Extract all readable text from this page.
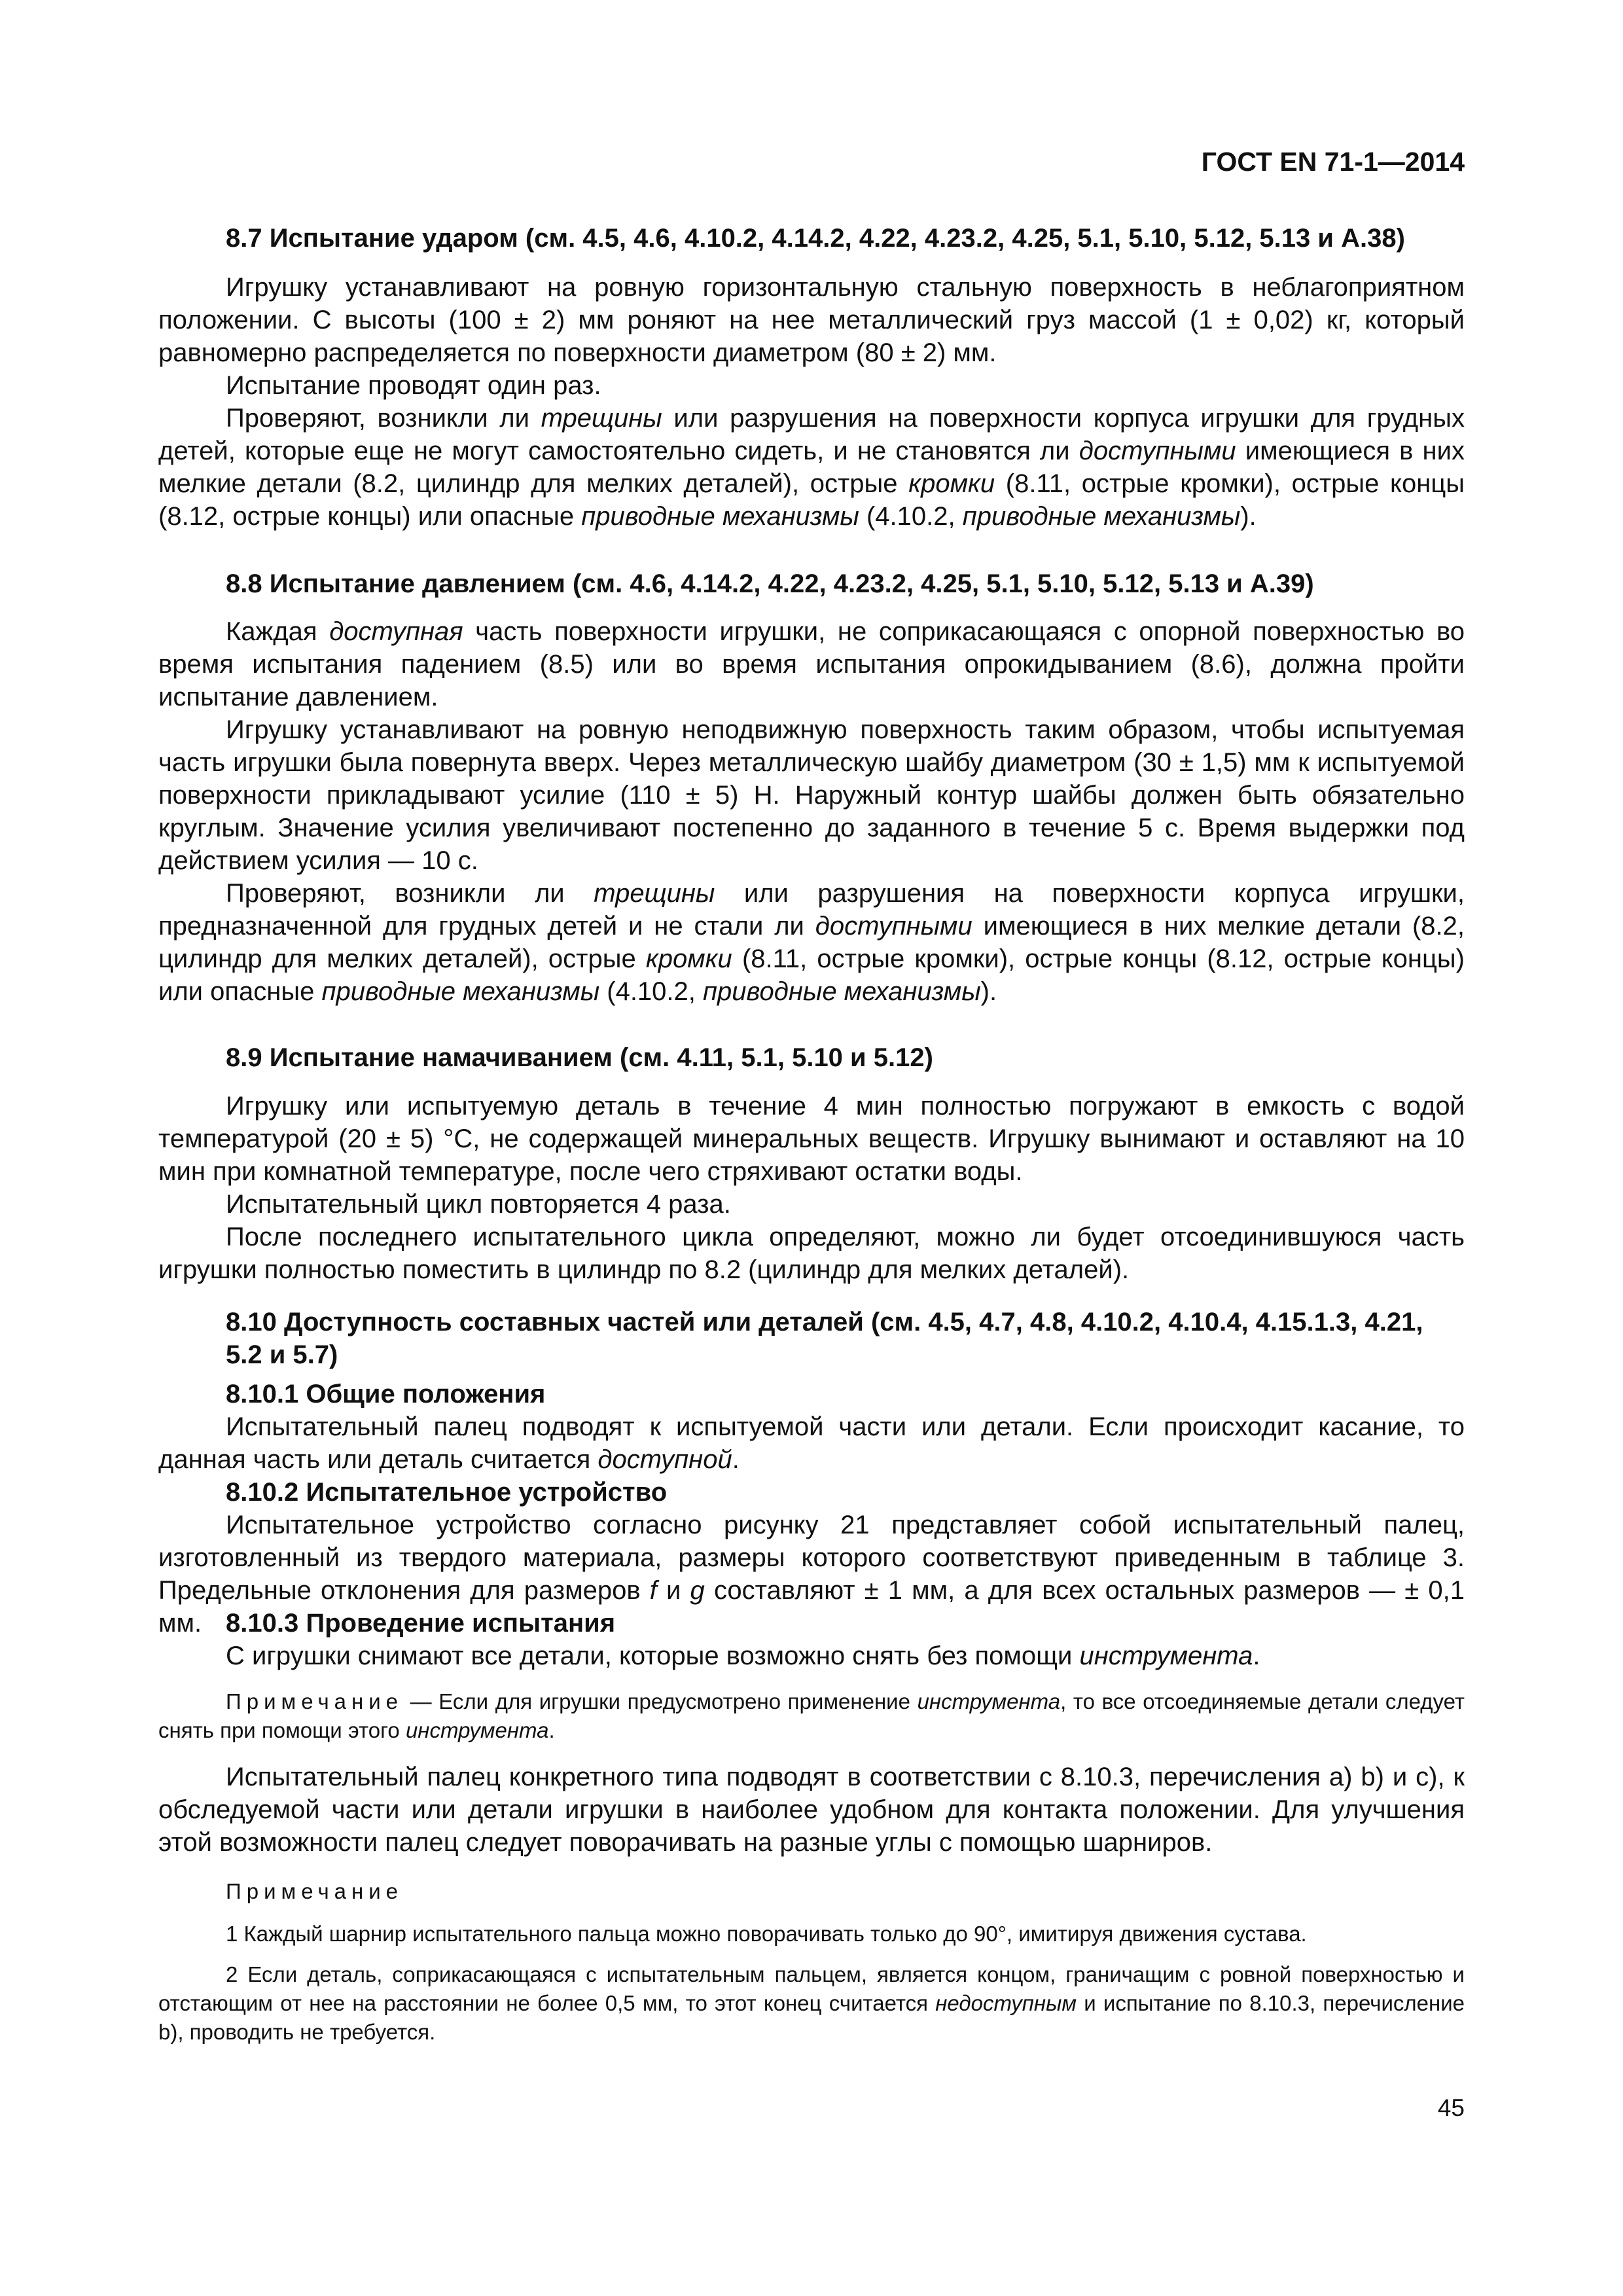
ГОСТ EN 71-1—2014
8.7 Испытание ударом (см. 4.5, 4.6, 4.10.2, 4.14.2, 4.22, 4.23.2, 4.25, 5.1, 5.10, 5.12, 5.13 и А.38)
Игрушку устанавливают на ровную горизонтальную стальную поверхность в неблагоприятном положении. С высоты (100 ± 2) мм роняют на нее металлический груз массой (1 ± 0,02) кг, который равномерно распределяется по поверхности диаметром (80 ± 2) мм.
Испытание проводят один раз.
Проверяют, возникли ли трещины или разрушения на поверхности корпуса игрушки для грудных детей, которые еще не могут самостоятельно сидеть, и не становятся ли доступными имеющиеся в них мелкие детали (8.2, цилиндр для мелких деталей), острые кромки (8.11, острые кромки), острые концы (8.12, острые концы) или опасные приводные механизмы (4.10.2, приводные механизмы).
8.8 Испытание давлением (см. 4.6, 4.14.2, 4.22, 4.23.2, 4.25, 5.1, 5.10, 5.12, 5.13 и А.39)
Каждая доступная часть поверхности игрушки, не соприкасающаяся с опорной поверхностью во время испытания падением (8.5) или во время испытания опрокидыванием (8.6), должна пройти испытание давлением.
Игрушку устанавливают на ровную неподвижную поверхность таким образом, чтобы испытуемая часть игрушки была повернута вверх. Через металлическую шайбу диаметром (30 ± 1,5) мм к испытуемой поверхности прикладывают усилие (110 ± 5) Н. Наружный контур шайбы должен быть обязательно круглым. Значение усилия увеличивают постепенно до заданного в течение 5 с. Время выдержки под действием усилия — 10 с.
Проверяют, возникли ли трещины или разрушения на поверхности корпуса игрушки, предназначенной для грудных детей и не стали ли доступными имеющиеся в них мелкие детали (8.2, цилиндр для мелких деталей), острые кромки (8.11, острые кромки), острые концы (8.12, острые концы) или опасные приводные механизмы (4.10.2, приводные механизмы).
8.9 Испытание намачиванием (см. 4.11, 5.1, 5.10 и 5.12)
Игрушку или испытуемую деталь в течение 4 мин полностью погружают в емкость с водой температурой (20 ± 5) °С, не содержащей минеральных веществ. Игрушку вынимают и оставляют на 10 мин при комнатной температуре, после чего стряхивают остатки воды.
Испытательный цикл повторяется 4 раза.
После последнего испытательного цикла определяют, можно ли будет отсоединившуюся часть игрушки полностью поместить в цилиндр по 8.2 (цилиндр для мелких деталей).
8.10 Доступность составных частей или деталей (см. 4.5, 4.7, 4.8, 4.10.2, 4.10.4, 4.15.1.3, 4.21, 5.2 и 5.7)
8.10.1 Общие положения
Испытательный палец подводят к испытуемой части или детали. Если происходит касание, то данная часть или деталь считается доступной.
8.10.2 Испытательное устройство
Испытательное устройство согласно рисунку 21 представляет собой испытательный палец, изготовленный из твердого материала, размеры которого соответствуют приведенным в таблице 3. Предельные отклонения для размеров f и g составляют ± 1 мм, а для всех остальных размеров — ± 0,1 мм. 8.10.3 Проведение испытания
С игрушки снимают все детали, которые возможно снять без помощи инструмента.
Примечание — Если для игрушки предусмотрено применение инструмента, то все отсоединяемые детали следует снять при помощи этого инструмента.
Испытательный палец конкретного типа подводят в соответствии с 8.10.3, перечисления a) b) и c), к обследуемой части или детали игрушки в наиболее удобном для контакта положении. Для улучшения этой возможности палец следует поворачивать на разные углы с помощью шарниров.
Примечание
1 Каждый шарнир испытательного пальца можно поворачивать только до 90°, имитируя движения сустава.
2 Если деталь, соприкасающаяся с испытательным пальцем, является концом, граничащим с ровной поверхностью и отстающим от нее на расстоянии не более 0,5 мм, то этот конец считается недоступным и испытание по 8.10.3, перечисление b), проводить не требуется.
45
